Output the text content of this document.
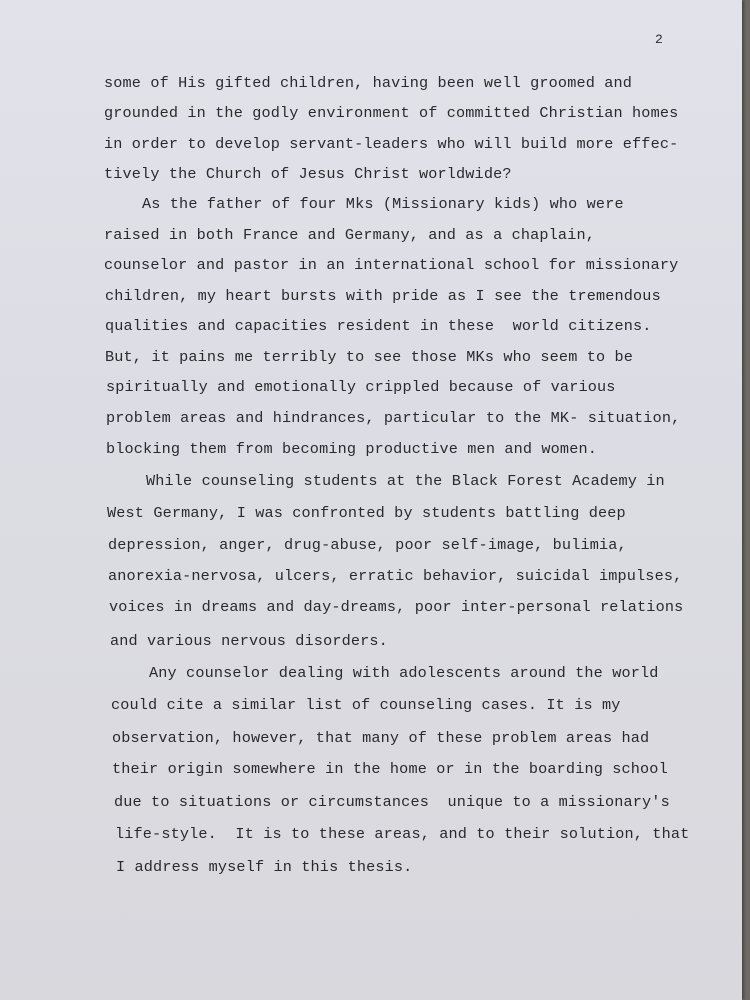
2
some of His gifted children, having been well groomed and
grounded in the godly environment of committed Christian homes
in order to develop servant-leaders who will build more effec-
tively the Church of Jesus Christ worldwide?
As the father of four Mks (Missionary kids) who were
raised in both France and Germany, and as a chaplain,
counselor and pastor in an international school for missionary
children, my heart bursts with pride as I see the tremendous
qualities and capacities resident in these  world citizens.
But, it pains me terribly to see those MKs who seem to be
spiritually and emotionally crippled because of various
problem areas and hindrances, particular to the MK- situation,
blocking them from becoming productive men and women.
While counseling students at the Black Forest Academy in
West Germany, I was confronted by students battling deep
depression, anger, drug-abuse, poor self-image, bulimia,
anorexia-nervosa, ulcers, erratic behavior, suicidal impulses,
voices in dreams and day-dreams, poor inter-personal relations
and various nervous disorders.
Any counselor dealing with adolescents around the world
could cite a similar list of counseling cases. It is my
observation, however, that many of these problem areas had
their origin somewhere in the home or in the boarding school
due to situations or circumstances  unique to a missionary's
life-style.  It is to these areas, and to their solution, that
I address myself in this thesis.
